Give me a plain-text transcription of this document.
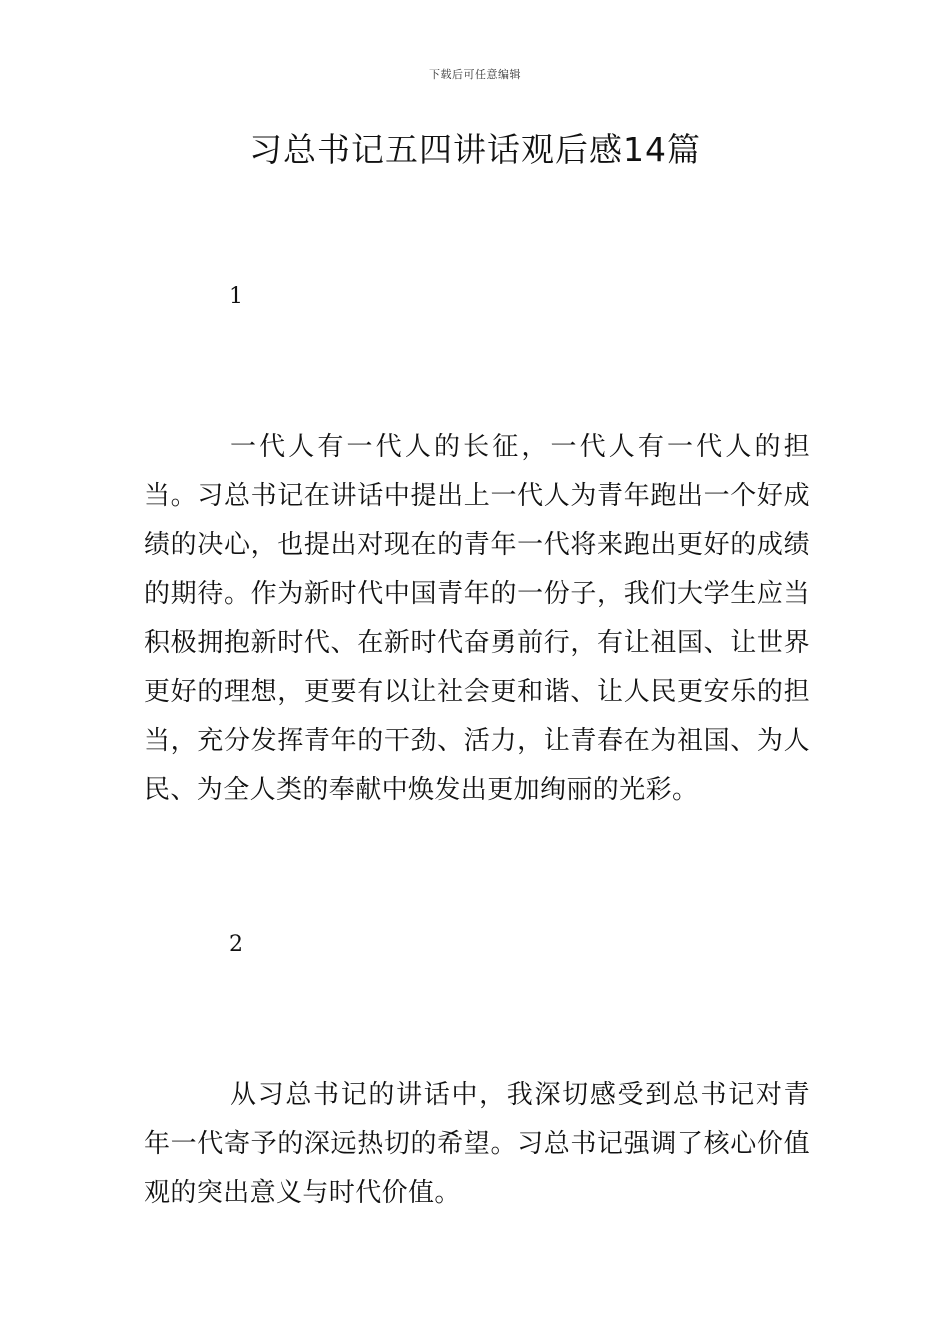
下载后可任意编辑
习总书记五四讲话观后感14篇
1

一代人有一代人的长征，一代人有一代人的担当。习总书记在讲话中提出上一代人为青年跑出一个好成绩的决心，也提出对现在的青年一代将来跑出更好的成绩的期待。作为新时代中国青年的一份子，我们大学生应当积极拥抱新时代、在新时代奋勇前行，有让祖国、让世界更好的理想，更要有以让社会更和谐、让人民更安乐的担当，充分发挥青年的干劲、活力，让青春在为祖国、为人民、为全人类的奉献中焕发出更加绚丽的光彩。

2

从习总书记的讲话中，我深切感受到总书记对青年一代寄予的深远热切的希望。习总书记强调了核心价值观的突出意义与时代价值。
